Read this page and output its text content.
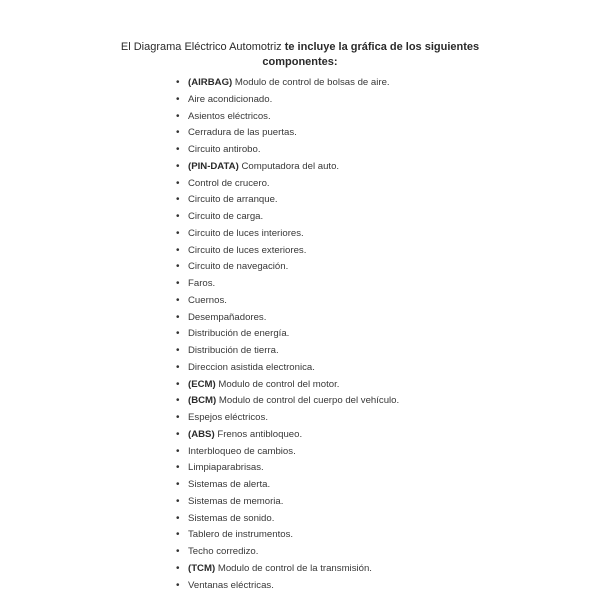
El Diagrama Eléctrico Automotriz te incluye la gráfica de los siguientes componentes:

• (AIRBAG) Modulo de control de bolsas de aire.
• Aire acondicionado.
• Asientos eléctricos.
• Cerradura de las puertas.
• Circuito antirobo.
• (PIN-DATA) Computadora del auto.
• Control de crucero.
• Circuito de arranque.
• Circuito de carga.
• Circuito de luces interiores.
• Circuito de luces exteriores.
• Circuito de navegación.
• Faros.
• Cuernos.
• Desempañadores.
• Distribución de energía.
• Distribución de tierra.
• Direccion asistida electronica.
• (ECM) Modulo de control del motor.
• (BCM) Modulo de control del cuerpo del vehículo.
• Espejos eléctricos.
• (ABS) Frenos antibloqueo.
• Interbloqueo de cambios.
• Limpiaparabrisas.
• Sistemas de alerta.
• Sistemas de memoria.
• Sistemas de sonido.
• Tablero de instrumentos.
• Techo corredizo.
• (TCM) Modulo de control de la transmisión.
• Ventanas eléctricas.
